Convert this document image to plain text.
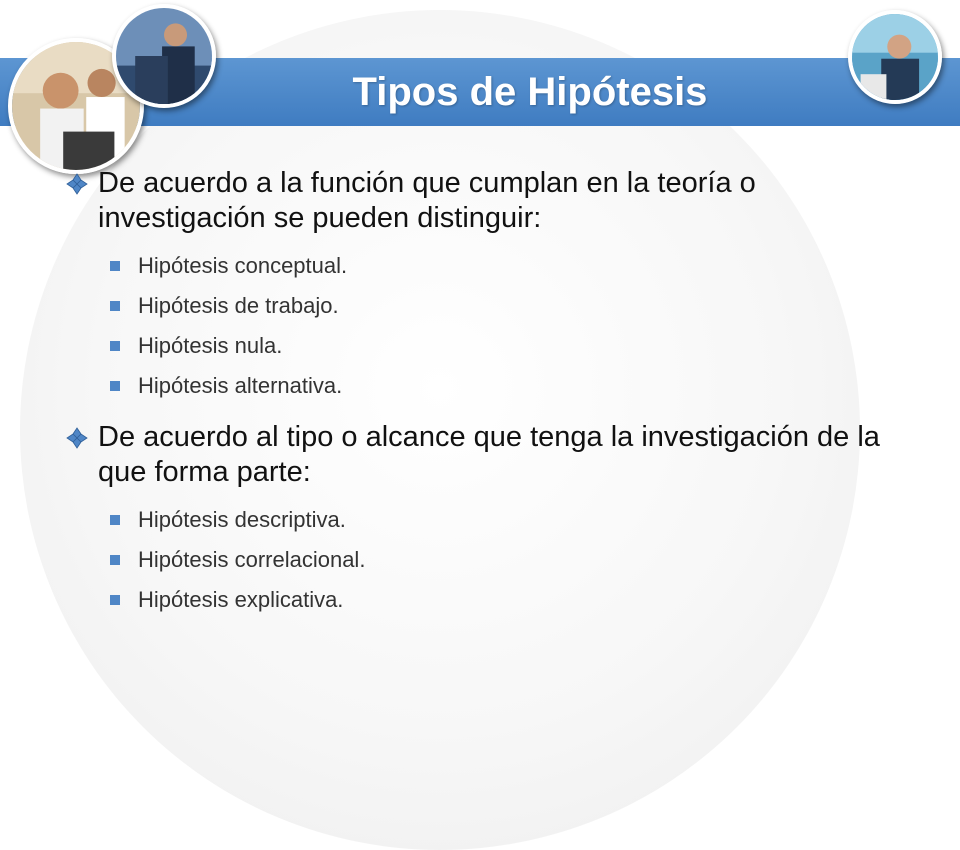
Tipos de Hipótesis
De acuerdo a la función que cumplan en la teoría o investigación se pueden distinguir:
Hipótesis conceptual.
Hipótesis de trabajo.
Hipótesis nula.
Hipótesis alternativa.
De acuerdo al tipo o alcance que tenga la investigación de la que forma parte:
Hipótesis descriptiva.
Hipótesis correlacional.
Hipótesis explicativa.
